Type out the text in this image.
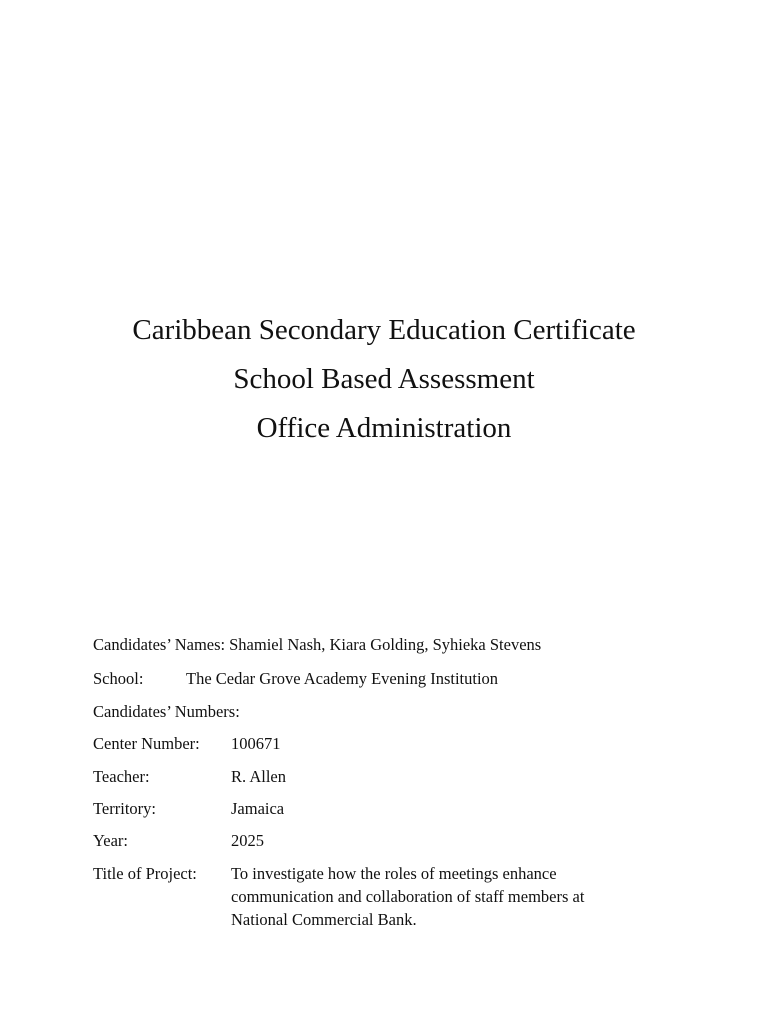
Caribbean Secondary Education Certificate
School Based Assessment
Office Administration
Candidates’ Names: Shamiel Nash, Kiara Golding, Syhieka Stevens
School:	The Cedar Grove Academy Evening Institution
Candidates’ Numbers:
Center Number: 100671
Teacher:	R. Allen
Territory:	Jamaica
Year:	2025
Title of Project: To investigate how the roles of meetings enhance
communication and collaboration of staff members at
National Commercial Bank.
